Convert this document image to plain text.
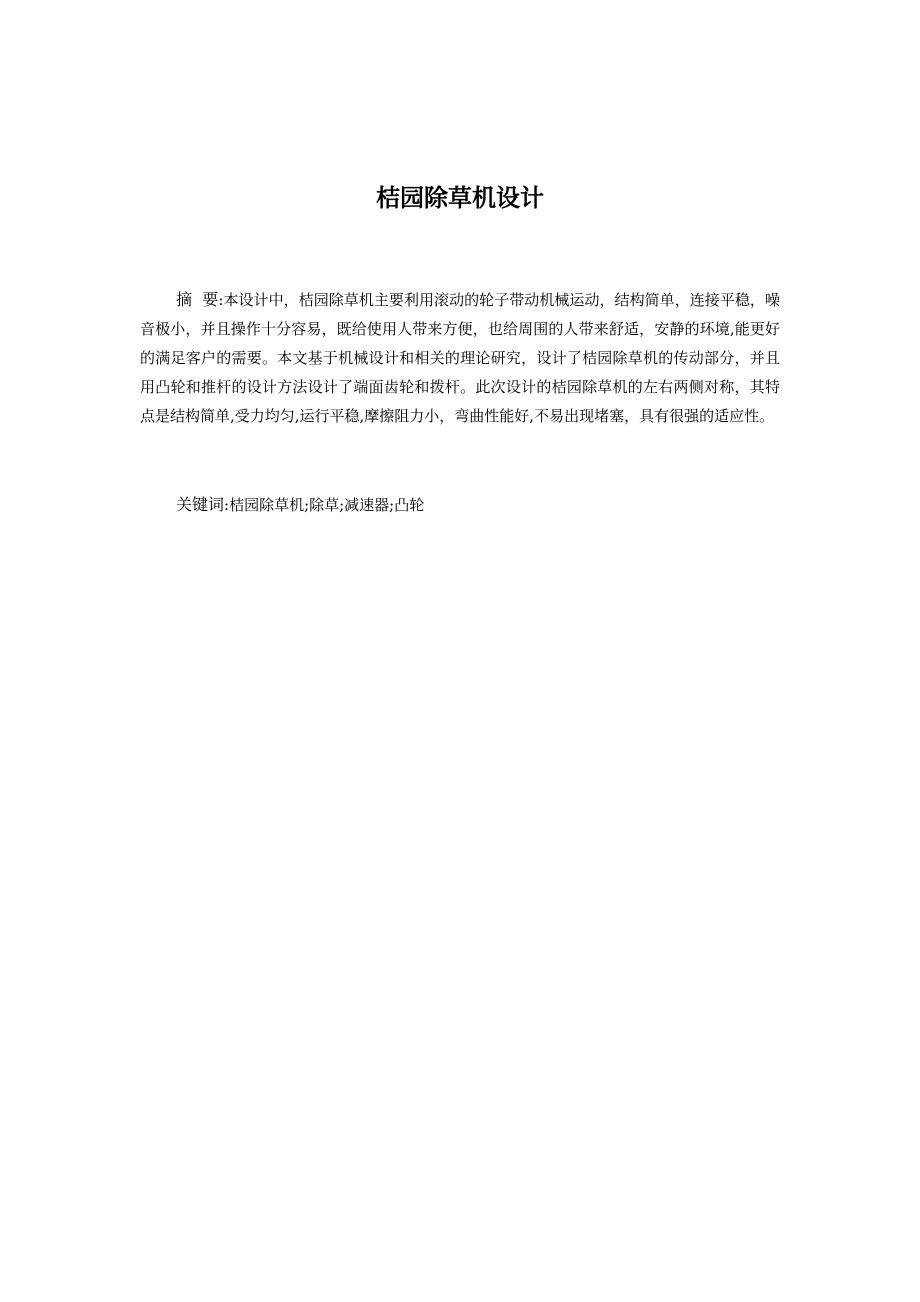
桔园除草机设计

摘  要:本设计中，桔园除草机主要利用滚动的轮子带动机械运动，结构简单，连接平稳，噪音极小，并且操作十分容易，既给使用人带来方便，也给周围的人带来舒适，安静的环境,能更好的满足客户的需要。本文基于机械设计和相关的理论研究，设计了桔园除草机的传动部分，并且用凸轮和推杆的设计方法设计了端面齿轮和拨杆。此次设计的桔园除草机的左右两侧对称，其特点是结构简单,受力均匀,运行平稳,摩擦阻力小，弯曲性能好,不易出现堵塞，具有很强的适应性。

关键词:桔园除草机;除草;减速器;凸轮
